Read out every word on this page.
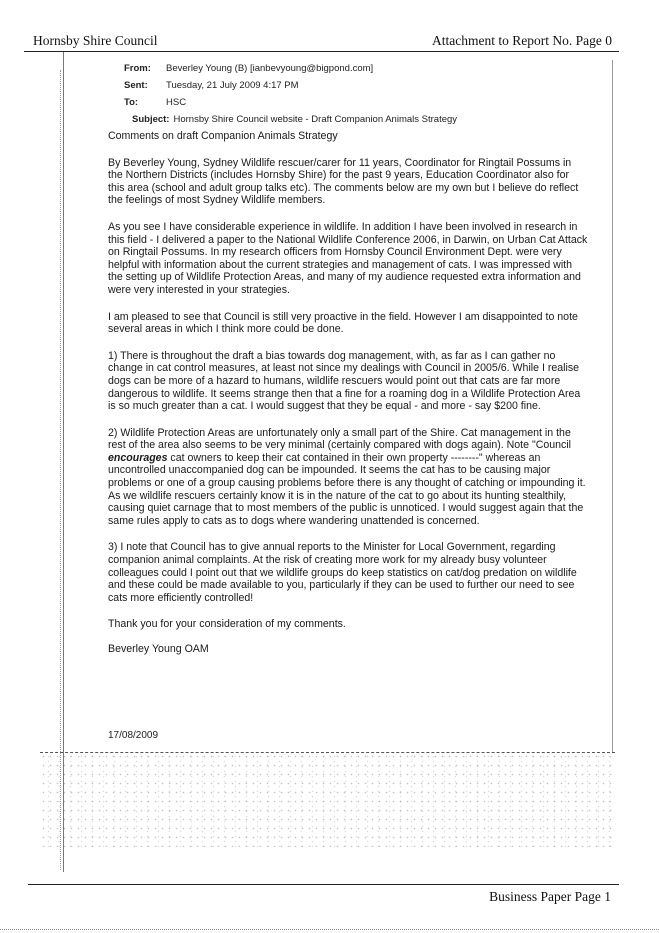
Hornsby Shire Council	Attachment to Report No. Page 0
From:	Beverley Young (B) [ianbevyoung@bigpond.com]
Sent:	Tuesday, 21 July 2009 4:17 PM
To:	HSC
Subject: Hornsby Shire Council website - Draft Companion Animals Strategy

Comments on draft Companion Animals Strategy

By Beverley Young, Sydney Wildlife rescuer/carer for 11 years, Coordinator for Ringtail Possums in the Northern Districts (includes Hornsby Shire) for the past 9 years, Education Coordinator also for this area (school and adult group talks etc). The comments below are my own but I believe do reflect the feelings of most Sydney Wildlife members.

As you see I have considerable experience in wildlife. In addition I have been involved in research in this field - I delivered a paper to the National Wildlife Conference 2006, in Darwin, on Urban Cat Attack on Ringtail Possums. In my research officers from Hornsby Council Environment Dept. were very helpful with information about the current strategies and management of cats. I was impressed with the setting up of Wildlife Protection Areas, and many of my audience requested extra information and were very interested in your strategies.

I am pleased to see that Council is still very proactive in the field. However I am disappointed to note several areas in which I think more could be done.

1) There is throughout the draft a bias towards dog management, with, as far as I can gather no change in cat control measures, at least not since my dealings with Council in 2005/6. While I realise dogs can be more of a hazard to humans, wildlife rescuers would point out that cats are far more dangerous to wildlife. It seems strange then that a fine for a roaming dog in a Wildlife Protection Area is so much greater than a cat. I would suggest that they be equal - and more - say $200 fine.

2) Wildlife Protection Areas are unfortunately only a small part of the Shire. Cat management in the rest of the area also seems to be very minimal (certainly compared with dogs again). Note "Council encourages cat owners to keep their cat contained in their own property --------" whereas an uncontrolled unaccompanied dog can be impounded. It seems the cat has to be causing major problems or one of a group causing problems before there is any thought of catching or impounding it. As we wildlife rescuers certainly know it is in the nature of the cat to go about its hunting stealthily, causing quiet carnage that to most members of the public is unnoticed. I would suggest again that the same rules apply to cats as to dogs where wandering unattended is concerned.

3) I note that Council has to give annual reports to the Minister for Local Government, regarding companion animal complaints. At the risk of creating more work for my already busy volunteer colleagues could I point out that we wildlife groups do keep statistics on cat/dog predation on wildlife and these could be made available to you, particularly if they can be used to further our need to see cats more efficiently controlled!

Thank you for your consideration of my comments.

Beverley Young OAM

17/08/2009
Business Paper Page 1
